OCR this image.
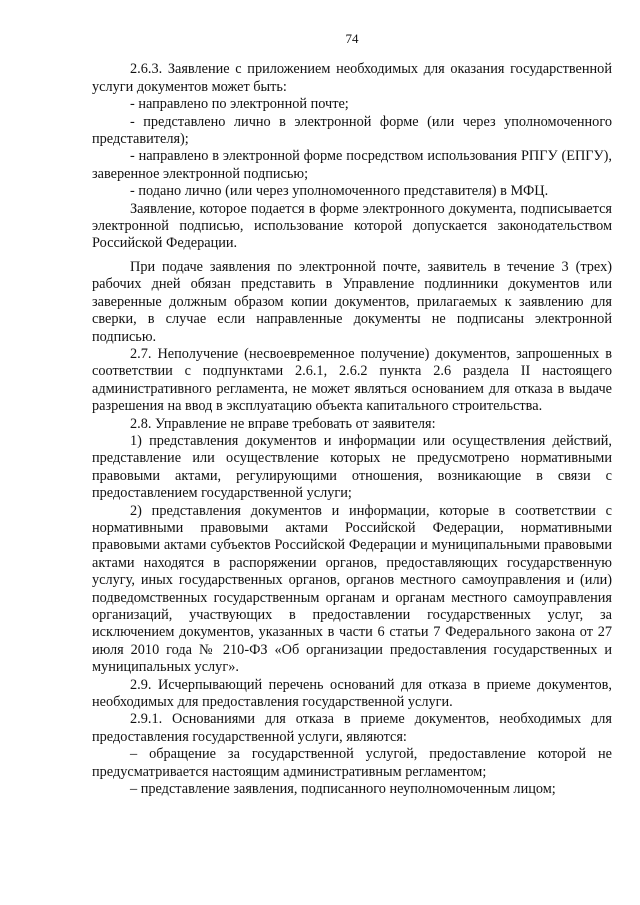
74

2.6.3. Заявление с приложением необходимых для оказания государственной услуги документов может быть:

- направлено по электронной почте;

- представлено лично в электронной форме (или через уполномоченного представителя);

- направлено в электронной форме посредством использования РПГУ (ЕПГУ), заверенное электронной подписью;

- подано лично (или через уполномоченного представителя) в МФЦ.

Заявление, которое подается в форме электронного документа, подписывается электронной подписью, использование которой допускается законодательством Российской Федерации.

При подаче заявления по электронной почте, заявитель в течение 3 (трех) рабочих дней обязан представить в Управление подлинники документов или заверенные должным образом копии документов, прилагаемых к заявлению для сверки, в случае если направленные документы не подписаны электронной подписью.

2.7. Неполучение (несвоевременное получение) документов, запрошенных в соответствии с подпунктами 2.6.1, 2.6.2 пункта 2.6 раздела II настоящего административного регламента, не может являться основанием для отказа в выдаче разрешения на ввод в эксплуатацию объекта капитального строительства.

2.8. Управление не вправе требовать от заявителя:

1) представления документов и информации или осуществления действий, представление или осуществление которых не предусмотрено нормативными правовыми актами, регулирующими отношения, возникающие в связи с предоставлением государственной услуги;

2) представления документов и информации, которые в соответствии с нормативными правовыми актами Российской Федерации, нормативными правовыми актами субъектов Российской Федерации и муниципальными правовыми актами находятся в распоряжении органов, предоставляющих государственную услугу, иных государственных органов, органов местного самоуправления и (или) подведомственных государственным органам и органам местного самоуправления организаций, участвующих в предоставлении государственных услуг, за исключением документов, указанных в части 6 статьи 7 Федерального закона от 27 июля 2010 года № 210-ФЗ «Об организации предоставления государственных и муниципальных услуг».

2.9. Исчерпывающий перечень оснований для отказа в приеме документов, необходимых для предоставления государственной услуги.

2.9.1. Основаниями для отказа в приеме документов, необходимых для предоставления государственной услуги, являются:

– обращение за государственной услугой, предоставление которой не предусматривается настоящим административным регламентом;

– представление заявления, подписанного неуполномоченным лицом;
